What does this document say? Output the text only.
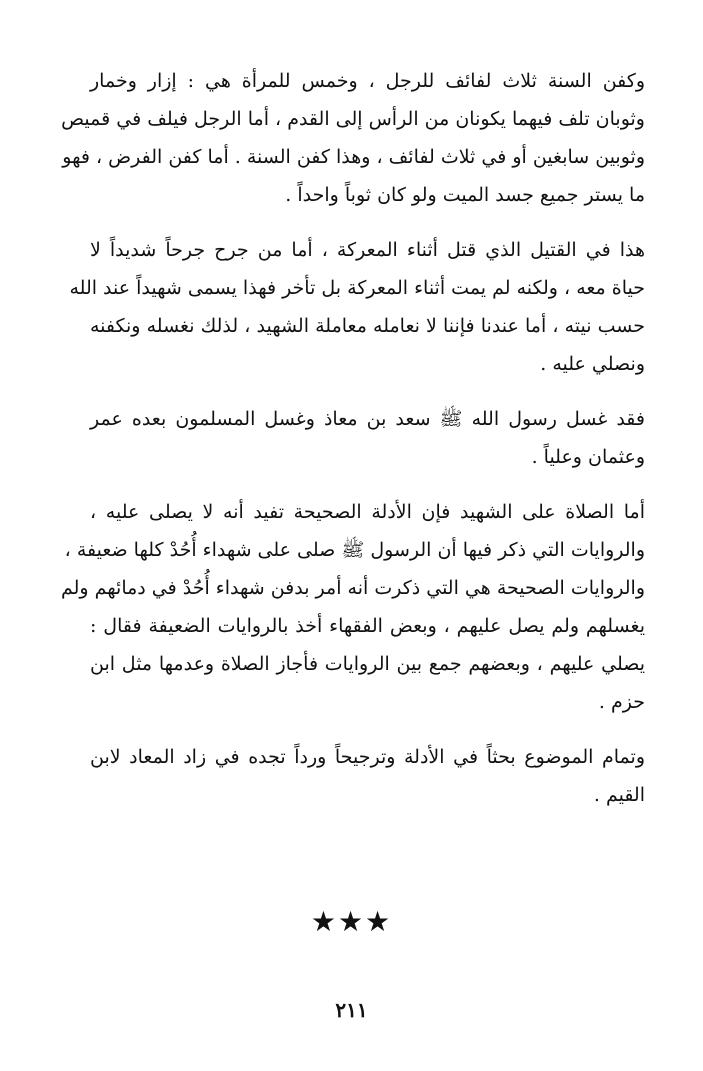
وكفن السنة ثلاث لفائف للرجل ، وخمس للمرأة هي : إزار وخمار
وثوبان تلف فيهما يكونان من الرأس إلى القدم ، أما الرجل فيلف في قميص
وثوبين سابغين أو في ثلاث لفائف ، وهذا كفن السنة . أما كفن الفرض ، فهو
ما يستر جميع جسد الميت ولو كان ثوباً واحداً .

هذا في القتيل الذي قتل أثناء المعركة ، أما من جرح جرحاً شديداً لا
حياة معه ، ولكنه لم يمت أثناء المعركة بل تأخر فهذا يسمى شهيداً عند الله
حسب نيته ، أما عندنا فإننا لا نعامله معاملة الشهيد ، لذلك نغسله ونكفنه
ونصلي عليه .

فقد غسل رسول الله ﷺ سعد بن معاذ وغسل المسلمون بعده عمر
وعثمان وعلياً .

أما الصلاة على الشهيد فإن الأدلة الصحيحة تفيد أنه لا يصلى عليه ،
والروايات التي ذكر فيها أن الرسول ﷺ صلى على شهداء أُحُدْ كلها ضعيفة ،
والروايات الصحيحة هي التي ذكرت أنه أمر بدفن شهداء أُحُدْ في دمائهم ولم
يغسلهم ولم يصل عليهم ، وبعض الفقهاء أخذ بالروايات الضعيفة فقال :
يصلي عليهم ، وبعضهم جمع بين الروايات فأجاز الصلاة وعدمها مثل ابن
حزم .

وتمام الموضوع بحثاً في الأدلة وترجيحاً ورداً تجده في زاد المعاد لابن
القيم .

★★★
٢١١
